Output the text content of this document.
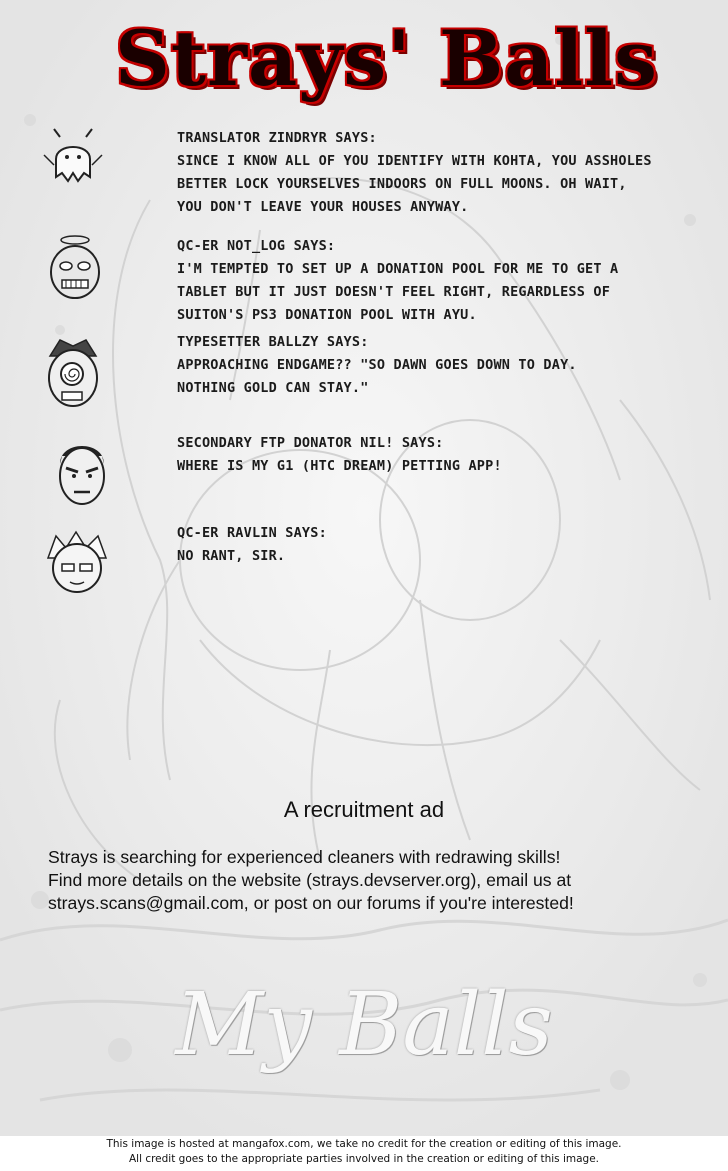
Strays' Balls
TRANSLATOR ZINDRYR SAYS:
SINCE I KNOW ALL OF YOU IDENTIFY WITH KOHTA, YOU ASSHOLES
BETTER LOCK YOURSELVES INDOORS ON FULL MOONS. OH WAIT,
YOU DON'T LEAVE YOUR HOUSES ANYWAY.
QC-ER NOT_LOG SAYS:
I'M TEMPTED TO SET UP A DONATION POOL FOR ME TO GET A
TABLET BUT IT JUST DOESN'T FEEL RIGHT, REGARDLESS OF
SUITON'S PS3 DONATION POOL WITH AYU.
TYPESETTER BALLZY SAYS:
APPROACHING ENDGAME?? "SO DAWN GOES DOWN TO DAY.
NOTHING GOLD CAN STAY."
SECONDARY FTP DONATOR NIL! SAYS:
WHERE IS MY G1 (HTC DREAM) PETTING APP!
QC-ER RAVLIN SAYS:
NO RANT, SIR.
A recruitment ad
Strays is searching for experienced cleaners with redrawing skills!
Find more details on the website (strays.devserver.org), email us at
strays.scans@gmail.com, or post on our forums if you're interested!
My Balls
This image is hosted at mangafox.com, we take no credit for the creation or editing of this image.
All credit goes to the appropriate parties involved in the creation or editing of this image.
